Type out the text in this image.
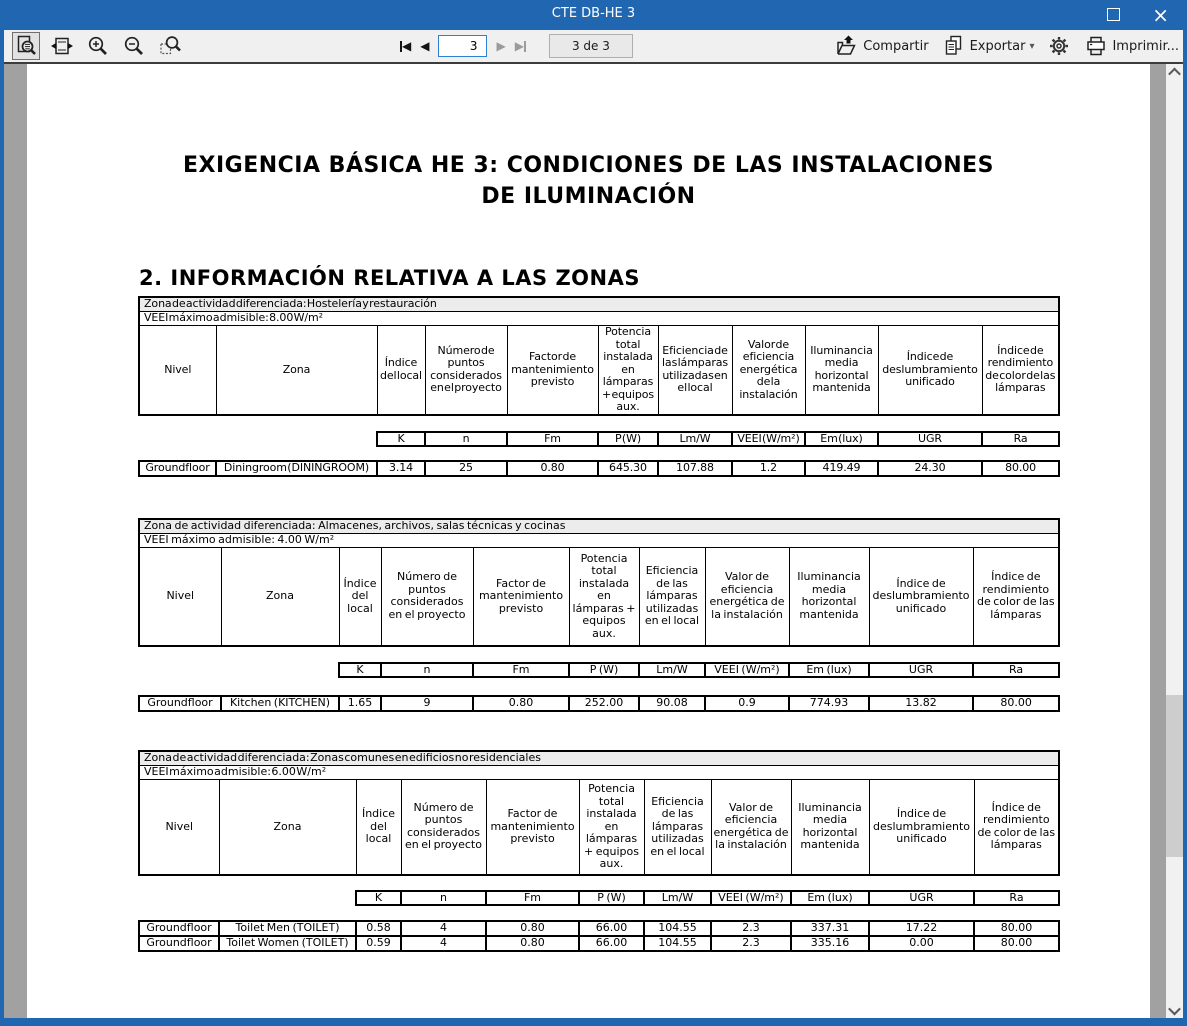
CTE DB-HE 3	×
◀ ◀
3	▶ ▶	3 de 3	Compartir	Exportar ▾	Imprimir...
EXIGENCIA BÁSICA HE 3: CONDICIONES DE LAS INSTALACIONES
DE ILUMINACIÓN
2. INFORMACIÓN RELATIVA A LAS ZONAS
Zona de actividad diferenciada: Hostelería y restauración										
VEEI máximo admisible: 8.00 W/m²										
Nivel	Zona	Índice del local	Número de puntos considerados en el proyecto	Factor de mantenimiento previsto	Potencia total instalada en lámparas + equipos aux.	Eficiencia de las lámparas utilizadas en el local	Valor de eficiencia energética de la instalación	Iluminancia media horizontal mantenida	Índice de deslumbramiento unificado	Índice de rendimiento de color de las lámparas

		K	n	Fm	P (W)	Lm/W	VEEI (W/m²)	Em (lux)	UGR	Ra

Groundfloor	Diningroom (DININGROOM)	3.14	25	0.80	645.30	107.88	1.2	419.49	24.30	80.00
Zona de actividad diferenciada: Almacenes, archivos, salas técnicas y cocinas										
VEEI máximo admisible: 4.00 W/m²										
Nivel	Zona	Índice del local	Número de puntos considerados en el proyecto	Factor de mantenimiento previsto	Potencia total instalada en lámparas + equipos aux.	Eficiencia de las lámparas utilizadas en el local	Valor de eficiencia energética de la instalación	Iluminancia media horizontal mantenida	Índice de deslumbramiento unificado	Índice de rendimiento de color de las lámparas

		K	n	Fm	P (W)	Lm/W	VEEI (W/m²)	Em (lux)	UGR	Ra

Groundfloor	Kitchen (KITCHEN)	1.65	9	0.80	252.00	90.08	0.9	774.93	13.82	80.00
Zona de actividad diferenciada: Zonas comunes en edificios no residenciales										
VEEI máximo admisible: 6.00 W/m²										
Nivel	Zona	Índice del local	Número de puntos considerados en el proyecto	Factor de mantenimiento previsto	Potencia total instalada en lámparas + equipos aux.	Eficiencia de las lámparas utilizadas en el local	Valor de eficiencia energética de la instalación	Iluminancia media horizontal mantenida	Índice de deslumbramiento unificado	Índice de rendimiento de color de las lámparas

		K	n	Fm	P (W)	Lm/W	VEEI (W/m²)	Em (lux)	UGR	Ra

Groundfloor	Toilet Men (TOILET)	0.58	4	0.80	66.00	104.55	2.3	337.31	17.22	80.00
Groundfloor	Toilet Women (TOILET)	0.59	4	0.80	66.00	104.55	2.3	335.16	0.00	80.00
